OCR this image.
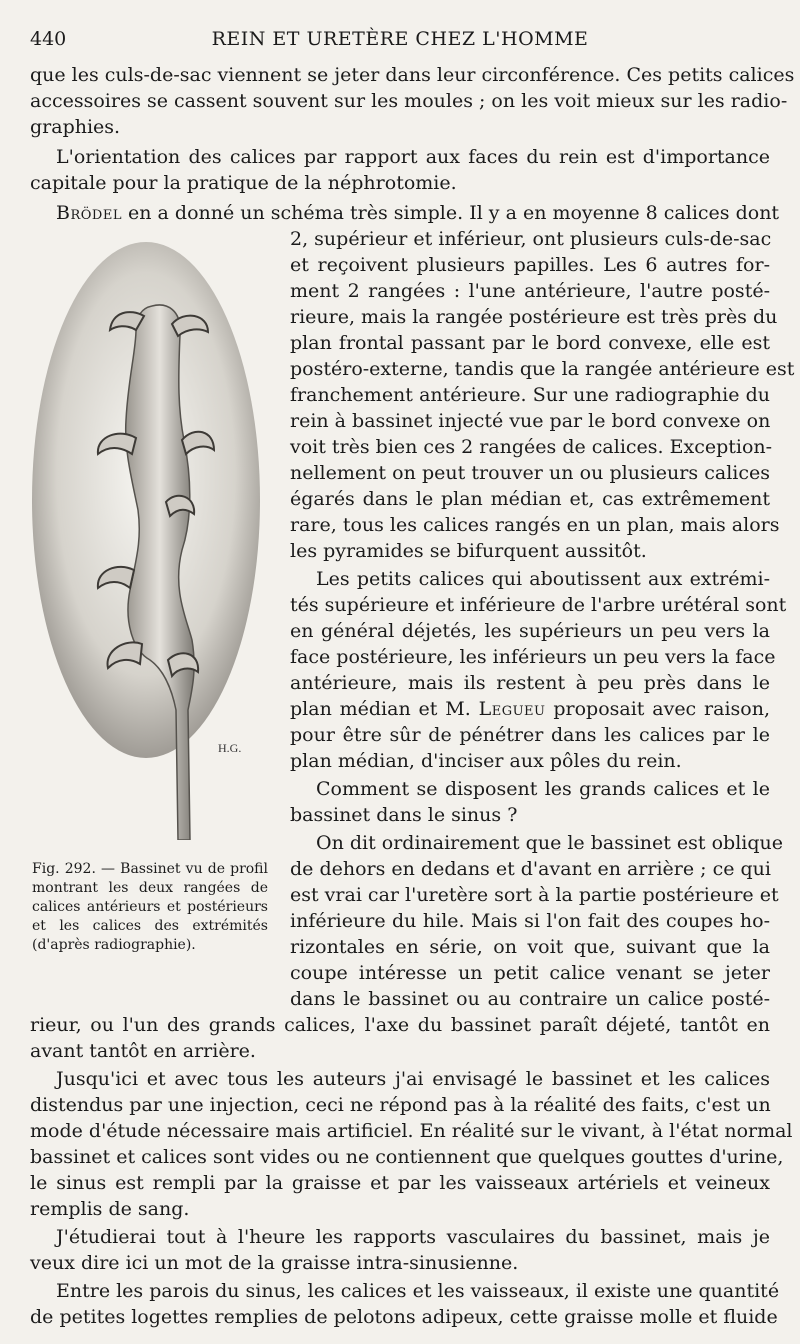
440	REIN ET URETÈRE CHEZ L'HOMME
que les culs-de-sac viennent se jeter dans leur circonférence. Ces petits calices
accessoires se cassent souvent sur les moules ; on les voit mieux sur les radio-
graphies.
L'orientation des calices par rapport aux faces du rein est d'importance
capitale pour la pratique de la néphrotomie.
Brödel en a donné un schéma très simple. Il y a en moyenne 8 calices dont
H.G.
2, supérieur et inférieur, ont plusieurs culs-de-sac
et reçoivent plusieurs papilles. Les 6 autres for-
ment 2 rangées : l'une antérieure, l'autre posté-
rieure, mais la rangée postérieure est très près du
plan frontal passant par le bord convexe, elle est
postéro-externe, tandis que la rangée antérieure est
franchement antérieure. Sur une radiographie du
rein à bassinet injecté vue par le bord convexe on
voit très bien ces 2 rangées de calices. Exception-
nellement on peut trouver un ou plusieurs calices
égarés dans le plan médian et, cas extrêmement
rare, tous les calices rangés en un plan, mais alors
les pyramides se bifurquent aussitôt.
Les petits calices qui aboutissent aux extrémi-
tés supérieure et inférieure de l'arbre urétéral sont
en général déjetés, les supérieurs un peu vers la
face postérieure, les inférieurs un peu vers la face
antérieure, mais ils restent à peu près dans le
plan médian et M. Legueu proposait avec raison,
pour être sûr de pénétrer dans les calices par le
plan médian, d'inciser aux pôles du rein.
Comment se disposent les grands calices et le
bassinet dans le sinus ?
On dit ordinairement que le bassinet est oblique
de dehors en dedans et d'avant en arrière ; ce qui
est vrai car l'uretère sort à la partie postérieure et
inférieure du hile. Mais si l'on fait des coupes ho-
rizontales en série, on voit que, suivant que la
coupe intéresse un petit calice venant se jeter
dans le bassinet ou au contraire un calice posté-
Fig. 292. — Bassinet vu de profil montrant les deux rangées de calices antérieurs et postérieurs et les calices des extrémités (d'après radiographie).
rieur, ou l'un des grands calices, l'axe du bassinet paraît déjeté, tantôt en
avant tantôt en arrière.
Jusqu'ici et avec tous les auteurs j'ai envisagé le bassinet et les calices
distendus par une injection, ceci ne répond pas à la réalité des faits, c'est un
mode d'étude nécessaire mais artificiel. En réalité sur le vivant, à l'état normal
bassinet et calices sont vides ou ne contiennent que quelques gouttes d'urine,
le sinus est rempli par la graisse et par les vaisseaux artériels et veineux
remplis de sang.
J'étudierai tout à l'heure les rapports vasculaires du bassinet, mais je
veux dire ici un mot de la graisse intra-sinusienne.
Entre les parois du sinus, les calices et les vaisseaux, il existe une quantité
de petites logettes remplies de pelotons adipeux, cette graisse molle et fluide
